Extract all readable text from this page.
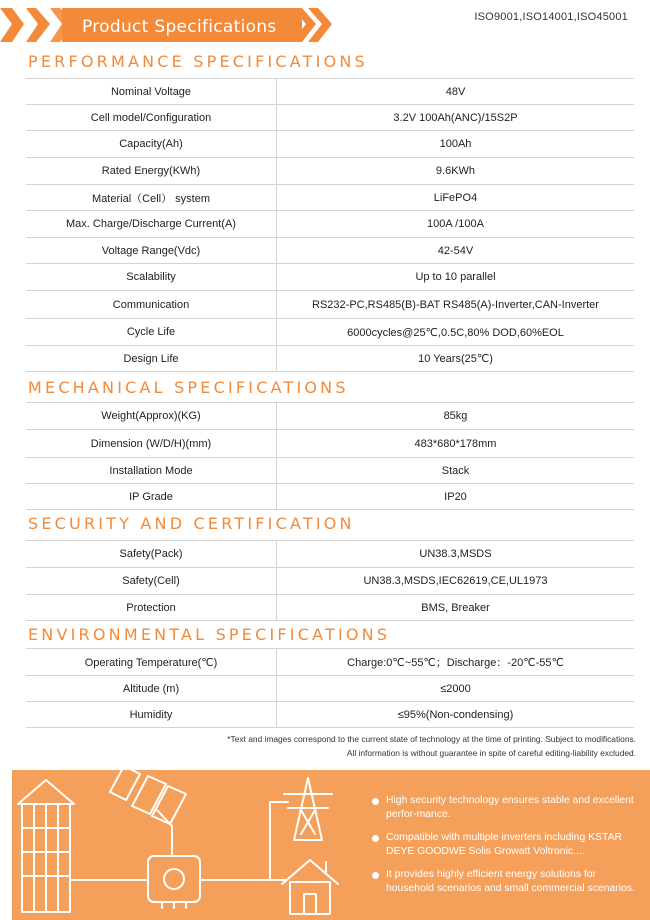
Product Specifications	ISO9001,ISO14001,ISO45001
PERFORMANCE SPECIFICATIONS
Nominal Voltage	48V
Cell model/Configuration	3.2V 100Ah(ANC)/15S2P
Capacity(Ah)	100Ah
Rated Energy(KWh)	9.6KWh
Material（Cell） system	LiFePO4
Max. Charge/Discharge Current(A)	100A /100A
Voltage Range(Vdc)	42-54V
Scalability	Up to 10 parallel
Communication	RS232-PC,RS485(B)-BAT RS485(A)-Inverter,CAN-Inverter
Cycle Life	6000cycles@25℃,0.5C,80% DOD,60%EOL
Design Life	10 Years(25℃)
MECHANICAL SPECIFICATIONS
Weight(Approx)(KG)	85kg
Dimension (W/D/H)(mm)	483*680*178mm
Installation Mode	Stack
IP Grade	IP20
SECURITY AND CERTIFICATION
Safety(Pack)	UN38.3,MSDS
Safety(Cell)	UN38.3,MSDS,IEC62619,CE,UL1973
Protection	BMS, Breaker
ENVIRONMENTAL SPECIFICATIONS
Operating Temperature(℃)	Charge:0℃~55℃；Discharge：-20℃-55℃
Altitude (m)	≤2000
Humidity	≤95%(Non-condensing)
*Text and images correspond to the current state of technology at the time of printing. Subject to modifications.
All information is without guarantee in spite of careful editing-liability excluded.
High security technology ensures stable and excellent perfor-mance.
Compatible with multiple inverters including KSTAR DEYE GOODWE Solis Growatt Voltronic....
It provides highly efficient energy solutions for household scenarios and small commercial scenarios.
